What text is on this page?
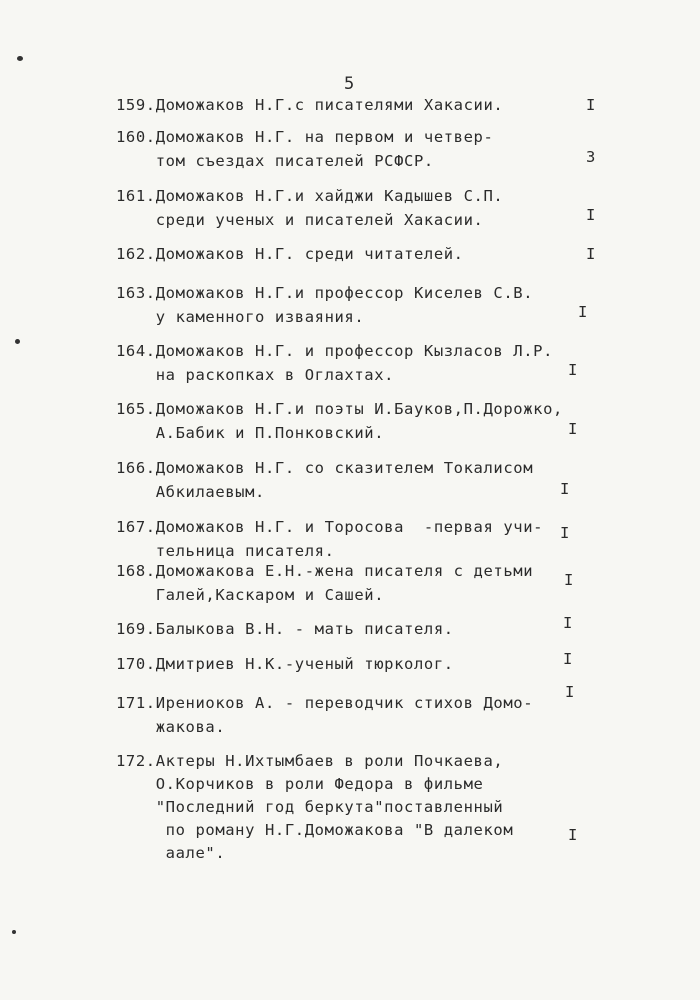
5
159.Доможаков Н.Г.с писателями Хакасии.	I
160.Доможаков Н.Г. на первом и четвер-
том съездах писателей РСФСР.	3
161.Доможаков Н.Г.и хайджи Кадышев С.П.
среди ученых и писателей Хакасии.	I
162.Доможаков Н.Г. среди читателей.	I
163.Доможаков Н.Г.и профессор Киселев С.В.
у каменного изваяния.	I
164.Доможаков Н.Г. и профессор Кызласов Л.Р.
на раскопках в Оглахтах.	I
165.Доможаков Н.Г.и поэты И.Бауков,П.Дорожко,
А.Бабик и П.Понковский.	I
166.Доможаков Н.Г. со сказителем Токалисом
Абкилаевым.	I
167.Доможаков Н.Г. и Торосова  -первая учи-
тельница писателя.
I
168.Доможакова Е.Н.-жена писателя с детьми
Галей,Каскаром и Сашей.
I
169.Балыкова В.Н. - мать писателя.	I
170.Дмитриев Н.К.-ученый тюрколог.	I
171.Ирениоков А. - переводчик стихов Домо-
жакова.
I
172.Актеры Н.Ихтымбаев в роли Почкаева,
О.Корчиков в роли Федора в фильме
"Последний год беркута"поставленный
по роману Н.Г.Доможакова "В далеком
аале".
I
